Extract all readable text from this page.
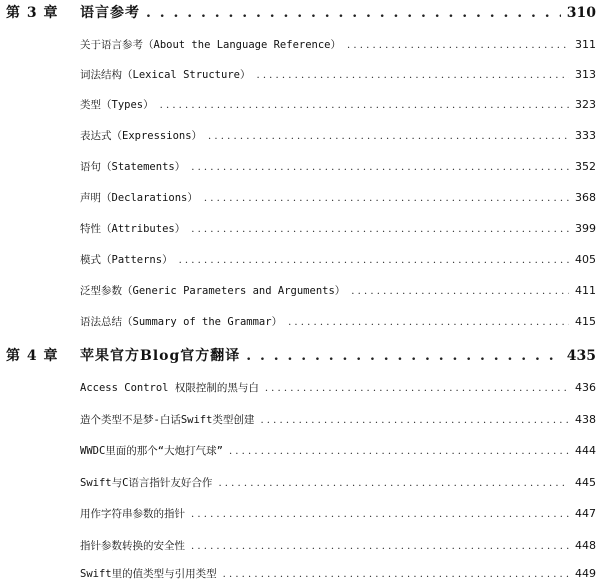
第 3 章	语言参考 . . .	310
关于语言参考（About the Language Reference） . . .	311
词法结构（Lexical Structure） . . .	313
类型（Types） . . .	323
表达式（Expressions） . . .	333
语句（Statements） . . .	352
声明（Declarations） . . .	368
特性（Attributes） . . .	399
模式（Patterns） . . .	405
泛型参数（Generic Parameters and Arguments） . . .	411
语法总结（Summary of the Grammar） . . .	415
第 4 章	苹果官方Blog官方翻译 . . .	435
Access Control 权限控制的黑与白 . . .	436
造个类型不是梦-白话Swift类型创建 . . .	438
WWDC里面的那个“大炮打气球” . . .	444
Swift与C语言指针友好合作 . . .	445
用作字符串参数的指针 . . .	447
指针参数转换的安全性 . . .	448
Swift里的值类型与引用类型 . . .	449
